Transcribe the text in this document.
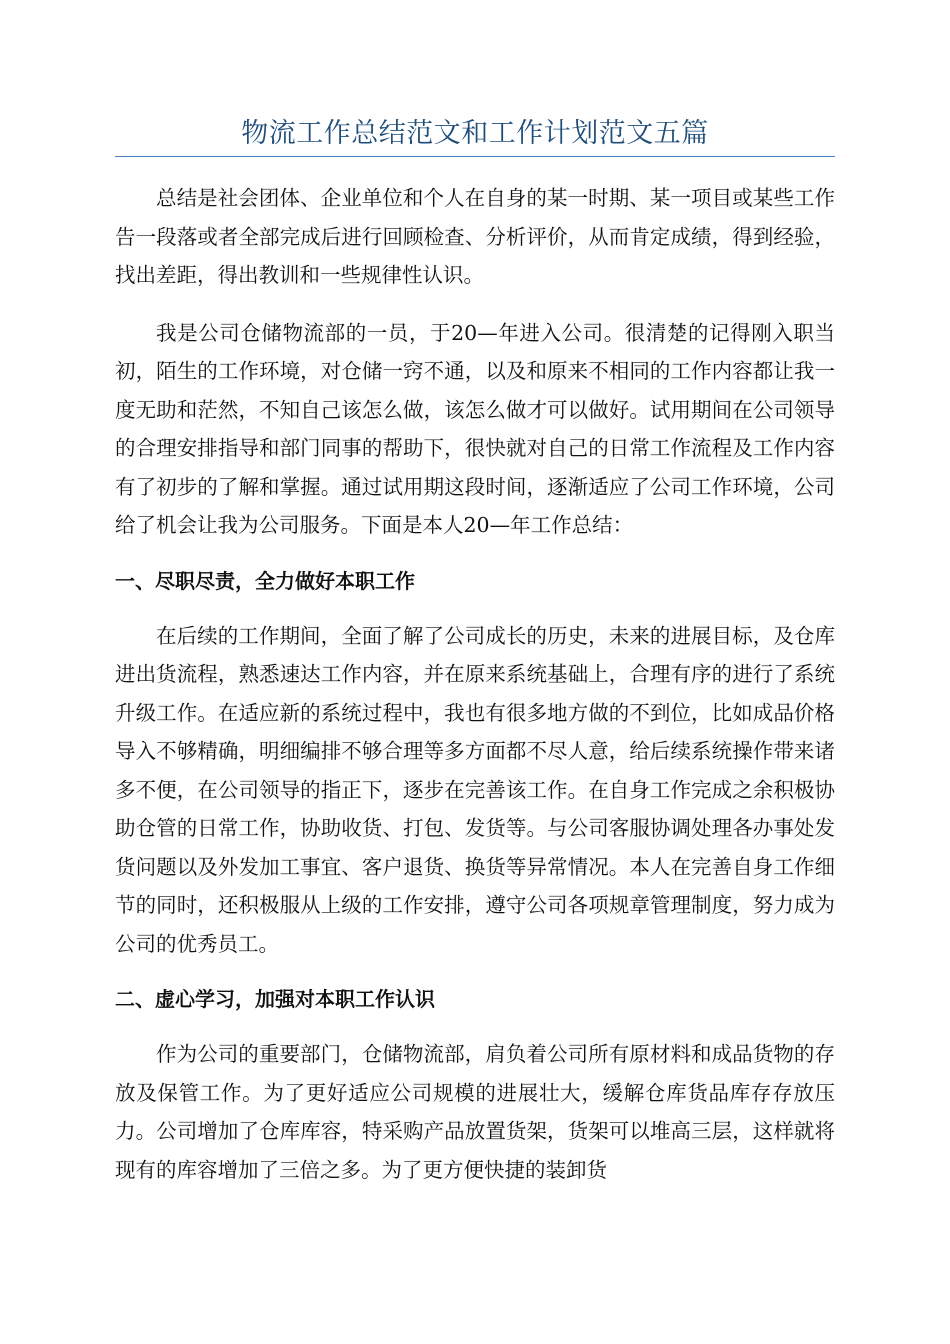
物流工作总结范文和工作计划范文五篇

总结是社会团体、企业单位和个人在自身的某一时期、某一项目或某些工作告一段落或者全部完成后进行回顾检查、分析评价，从而肯定成绩，得到经验，找出差距，得出教训和一些规律性认识。

我是公司仓储物流部的一员，于20—年进入公司。很清楚的记得刚入职当初，陌生的工作环境，对仓储一窍不通，以及和原来不相同的工作内容都让我一度无助和茫然，不知自己该怎么做，该怎么做才可以做好。试用期间在公司领导的合理安排指导和部门同事的帮助下，很快就对自己的日常工作流程及工作内容有了初步的了解和掌握。通过试用期这段时间，逐渐适应了公司工作环境，公司给了机会让我为公司服务。下面是本人20—年工作总结：

一、尽职尽责，全力做好本职工作

在后续的工作期间，全面了解了公司成长的历史，未来的进展目标，及仓库进出货流程，熟悉速达工作内容，并在原来系统基础上，合理有序的进行了系统升级工作。在适应新的系统过程中，我也有很多地方做的不到位，比如成品价格导入不够精确，明细编排不够合理等多方面都不尽人意，给后续系统操作带来诸多不便，在公司领导的指正下，逐步在完善该工作。在自身工作完成之余积极协助仓管的日常工作，协助收货、打包、发货等。与公司客服协调处理各办事处发货问题以及外发加工事宜、客户退货、换货等异常情况。本人在完善自身工作细节的同时，还积极服从上级的工作安排，遵守公司各项规章管理制度，努力成为公司的优秀员工。

二、虚心学习，加强对本职工作认识

作为公司的重要部门，仓储物流部，肩负着公司所有原材料和成品货物的存放及保管工作。为了更好适应公司规模的进展壮大，缓解仓库货品库存存放压力。公司增加了仓库库容，特采购产品放置货架，货架可以堆高三层，这样就将现有的库容增加了三倍之多。为了更方便快捷的装卸货
